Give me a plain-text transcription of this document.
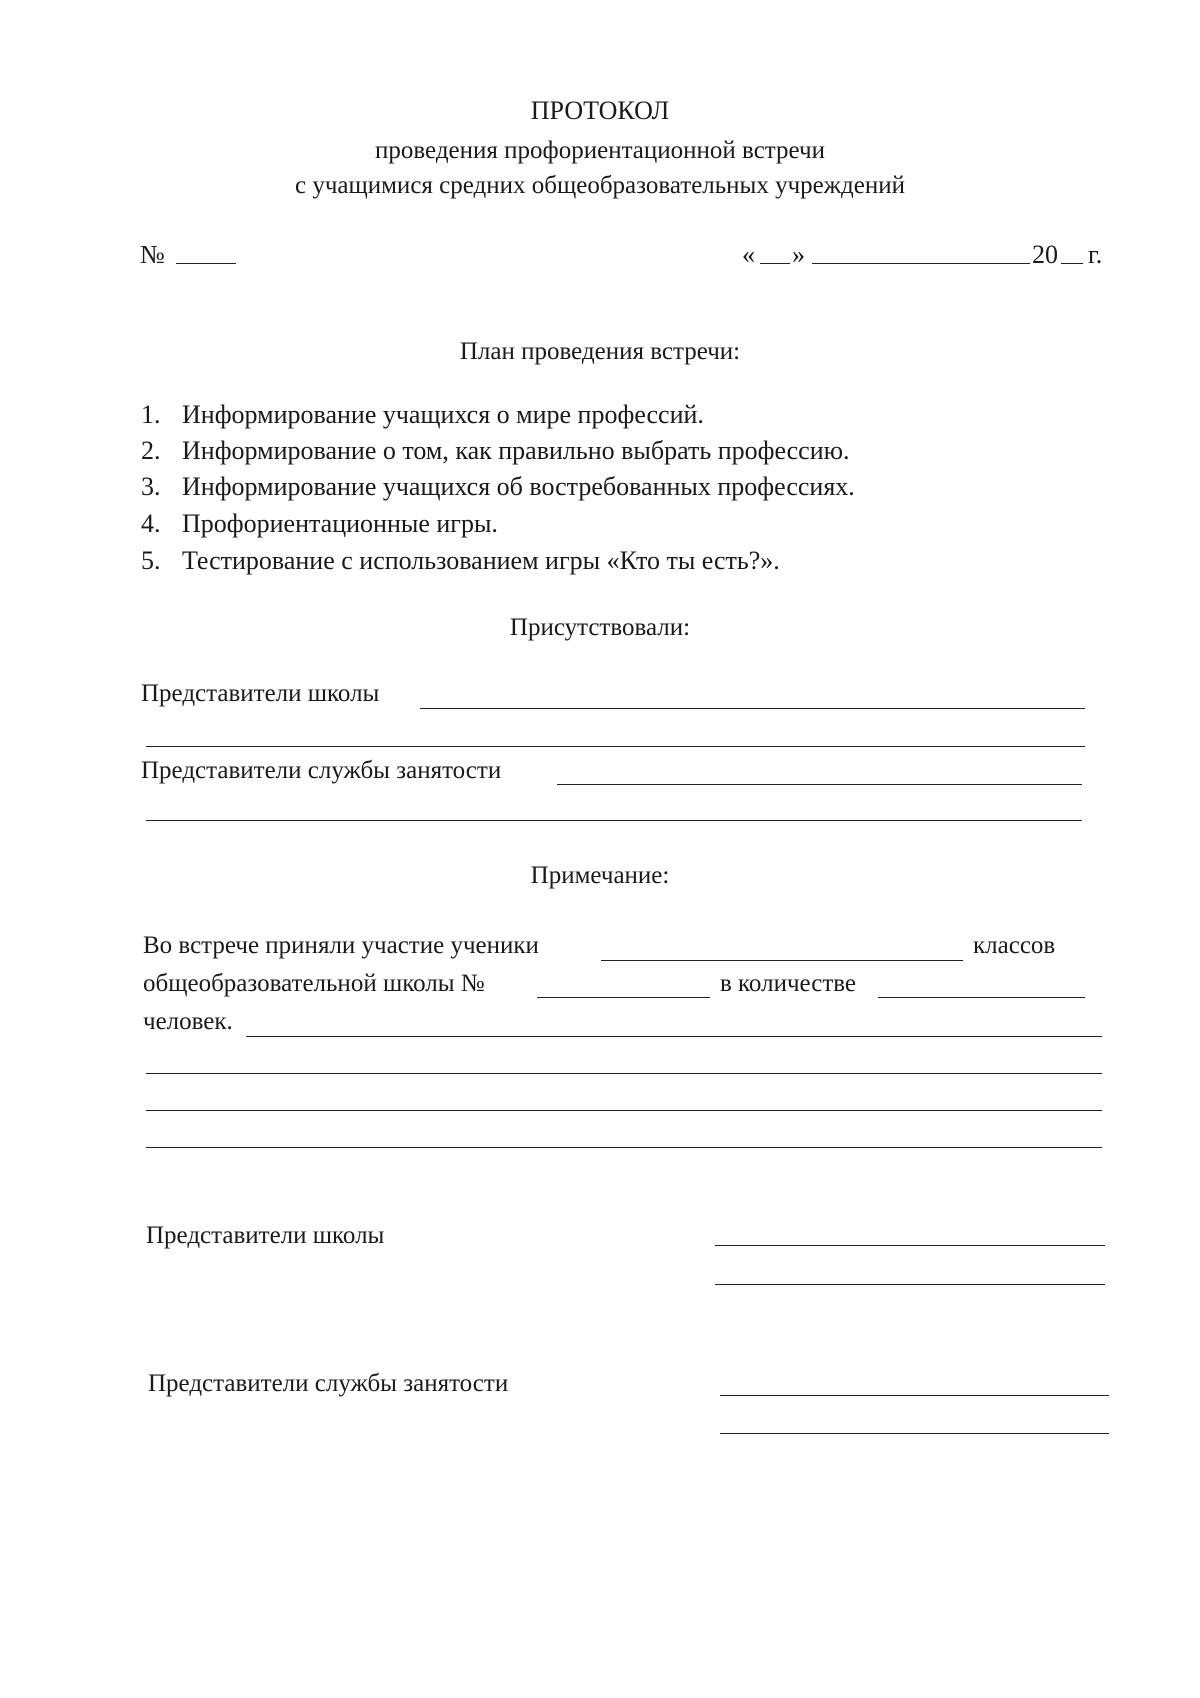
ПРОТОКОЛ
проведения профориентационной встречи
с учащимися средних общеобразовательных учреждений
№	« »	20 г.
План проведения встречи:
1. Информирование учащихся о мире профессий.
2. Информирование о том, как правильно выбрать профессию.
3. Информирование учащихся об востребованных профессиях.
4. Профориентационные игры.
5. Тестирование с использованием игры «Кто ты есть?».
Присутствовали:
Представители школы
Представители службы занятости
Примечание:
Во встрече приняли участие ученики	классов
общеобразовательной школы №	в количестве
человек.
Представители школы
Представители службы занятости
